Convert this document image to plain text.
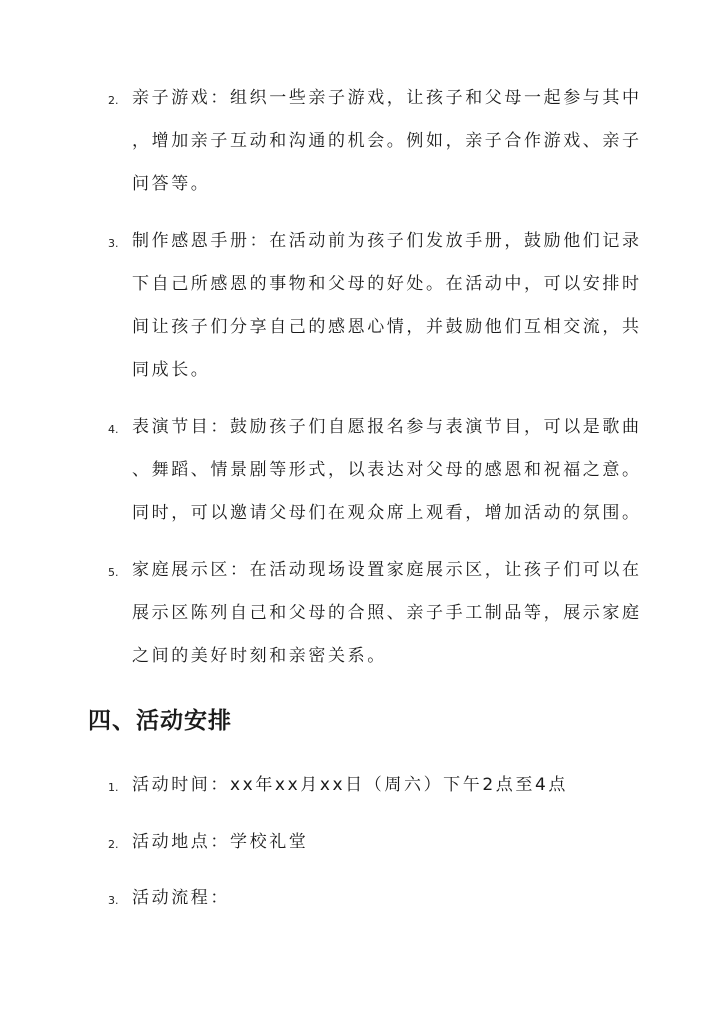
2. 亲子游戏：组织一些亲子游戏，让孩子和父母一起参与其中
，增加亲子互动和沟通的机会。例如，亲子合作游戏、亲子
问答等。
3. 制作感恩手册：在活动前为孩子们发放手册，鼓励他们记录
下自己所感恩的事物和父母的好处。在活动中，可以安排时
间让孩子们分享自己的感恩心情，并鼓励他们互相交流，共
同成长。
4. 表演节目：鼓励孩子们自愿报名参与表演节目，可以是歌曲
、舞蹈、情景剧等形式，以表达对父母的感恩和祝福之意。
同时，可以邀请父母们在观众席上观看，增加活动的氛围。
5. 家庭展示区：在活动现场设置家庭展示区，让孩子们可以在
展示区陈列自己和父母的合照、亲子手工制品等，展示家庭
之间的美好时刻和亲密关系。
四、活动安排
1. 活动时间：xx年xx月xx日（周六）下午2点至4点
2. 活动地点：学校礼堂
3. 活动流程：
